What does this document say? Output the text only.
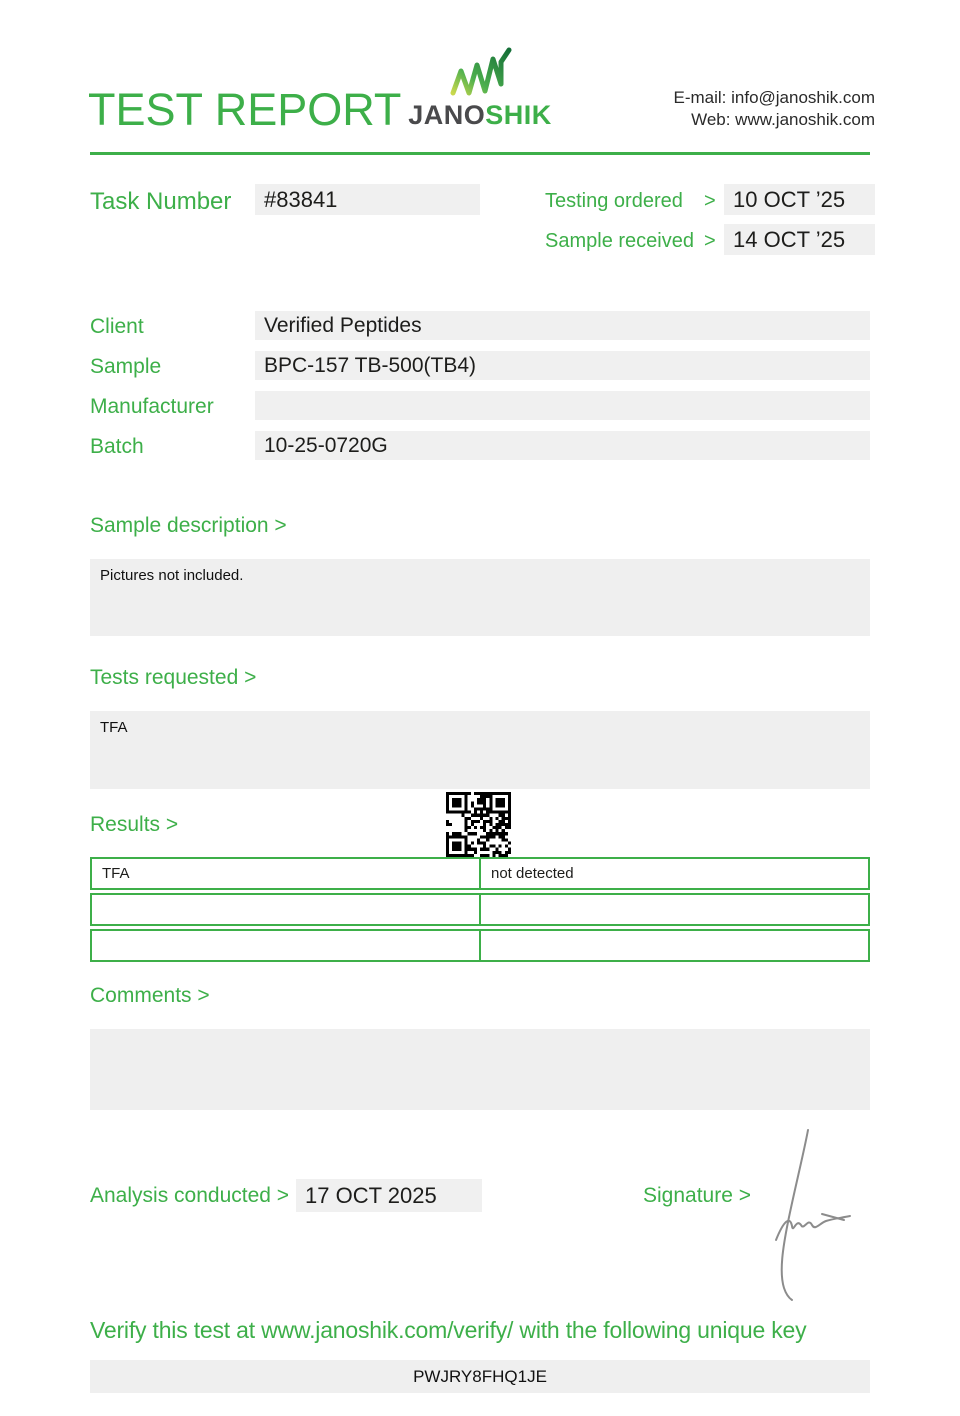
TEST REPORT JANOSHIK
E-mail: info@janoshik.com
Web: www.janoshik.com
Task Number	#83841	Testing ordered > 10 OCT ’25
Sample received > 14 OCT ’25
Client	Verified Peptides
Sample	BPC-157 TB-500(TB4)
Manufacturer
Batch	10-25-0720G
Sample description >
Pictures not included.
Tests requested >
TFA
Results >
TFA	not detected
Comments >
Analysis conducted > 17 OCT 2025	Signature >
Verify this test at www.janoshik.com/verify/ with the following unique key
PWJRY8FHQ1JE
